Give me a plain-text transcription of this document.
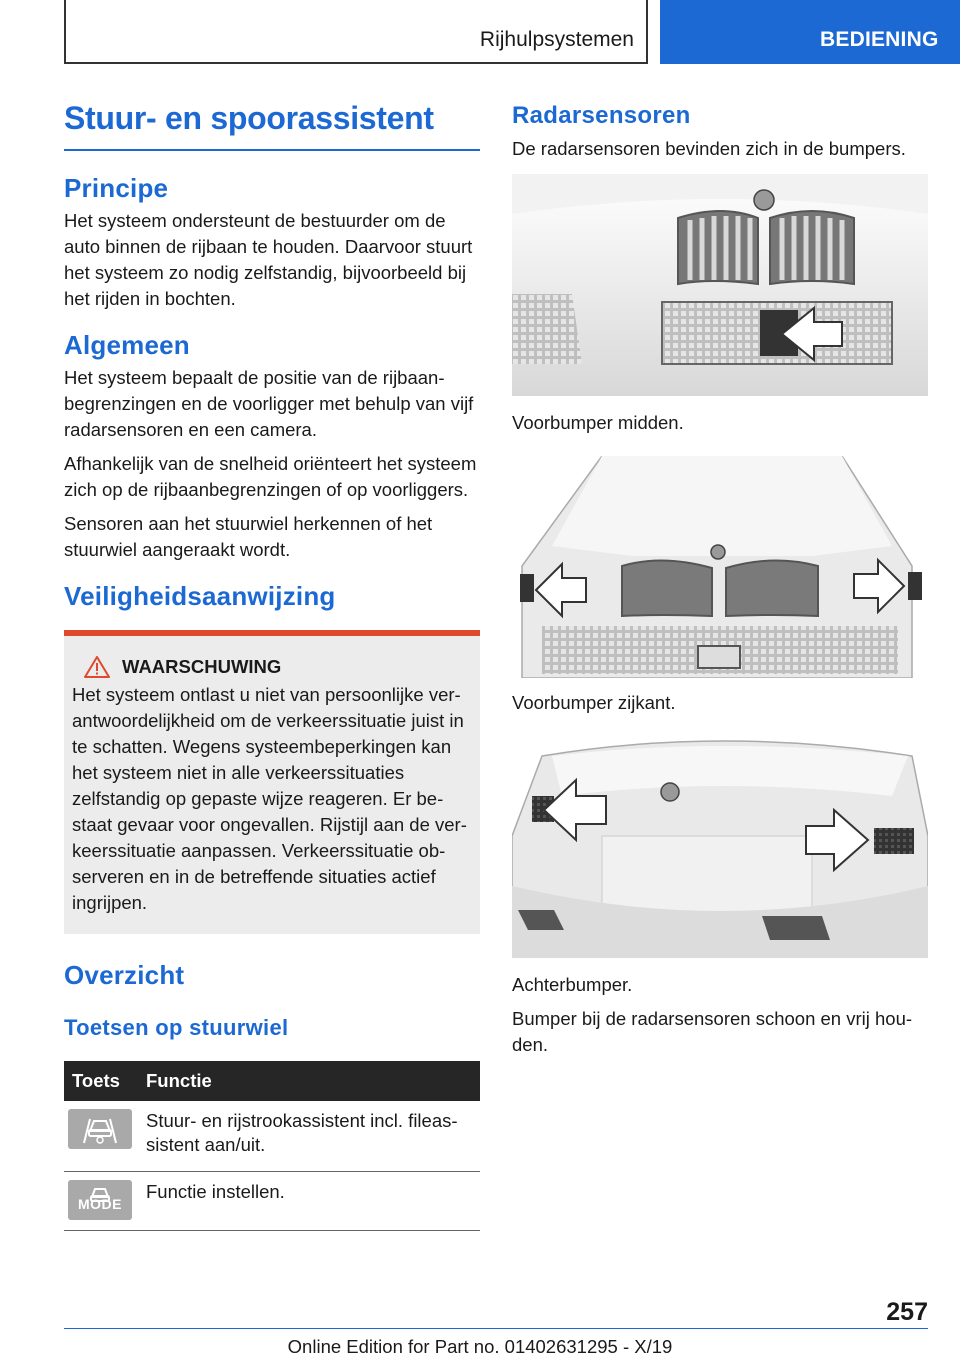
Rijhulpsystemen	BEDIENING
Stuur- en spoorassistent
Principe

Het systeem ondersteunt de bestuurder om de auto binnen de rijbaan te houden. Daarvoor stuurt het systeem zo nodig zelfstandig, bijvoorbeeld bij het rijden in bochten.

Algemeen

Het systeem bepaalt de positie van de rijbaanbegrenzingen en de voorligger met behulp van vijf radarsensoren en een camera.

Afhankelijk van de snelheid oriënteert het systeem zich op de rijbaanbegrenzingen of op voorliggers.

Sensoren aan het stuurwiel herkennen of het stuurwiel aangeraakt wordt.

Veiligheidsaanwijzing
WAARSCHUWING

Het systeem ontlast u niet van persoonlijke verantwoordelijkheid om de verkeerssituatie juist in te schatten. Wegens systeembeperkingen kan het systeem niet in alle verkeerssituaties zelfstandig op gepaste wijze reageren. Er bestaat gevaar voor ongevallen. Rijstijl aan de verkeerssituatie aanpassen. Verkeerssituatie observeren en in de betreffende situaties actief ingrijpen.

Overzicht
Toetsen op stuurwiel
Toets	Functie

	Stuur- en rijstrookassistent incl. fileassistent aan/uit.

MODE	Functie instellen.
Radarsensoren

De radarsensoren bevinden zich in de bumpers.

Voorbumper midden.

Voorbumper zijkant.

Achterbumper.

Bumper bij de radarsensoren schoon en vrij houden.

257
Online Edition for Part no. 01402631295 - X/19
